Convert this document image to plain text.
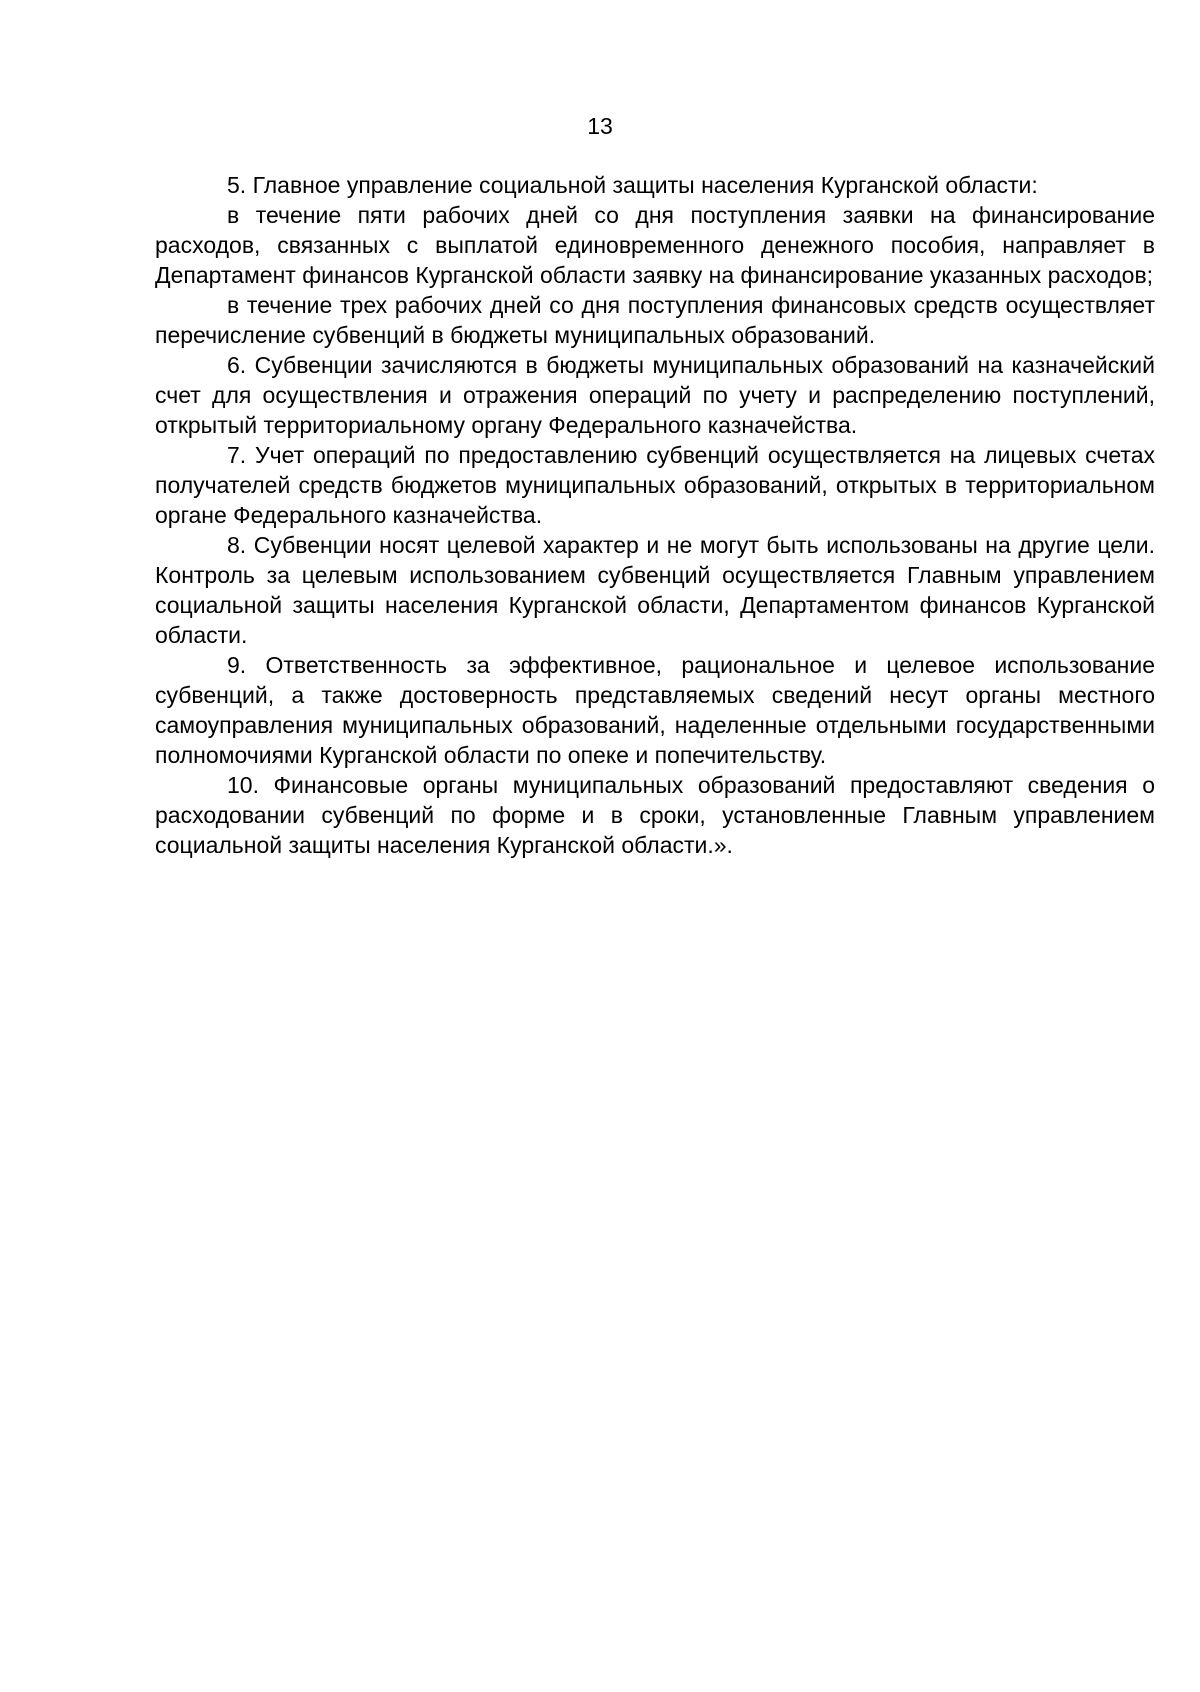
13

5. Главное управление социальной защиты населения Курганской области:

в течение пяти рабочих дней со дня поступления заявки на финансирование расходов, связанных с выплатой единовременного денежного пособия, направляет в Департамент финансов Курганской области заявку на финансирование указанных расходов;

в течение трех рабочих дней со дня поступления финансовых средств осуществляет перечисление субвенций в бюджеты муниципальных образований.

6. Субвенции зачисляются в бюджеты муниципальных образований на казначейский счет для осуществления и отражения операций по учету и распределению поступлений, открытый территориальному органу Федерального казначейства.

7. Учет операций по предоставлению субвенций осуществляется на лицевых счетах получателей средств бюджетов муниципальных образований, открытых в территориальном органе Федерального казначейства.

8. Субвенции носят целевой характер и не могут быть использованы на другие цели. Контроль за целевым использованием субвенций осуществляется Главным управлением социальной защиты населения Курганской области, Департаментом финансов Курганской области.

9. Ответственность за эффективное, рациональное и целевое использование субвенций, а также достоверность представляемых сведений несут органы местного самоуправления муниципальных образований, наделенные отдельными государственными полномочиями Курганской области по опеке и попечительству.

10. Финансовые органы муниципальных образований предоставляют сведения о расходовании субвенций по форме и в сроки, установленные Главным управлением социальной защиты населения Курганской области.».
